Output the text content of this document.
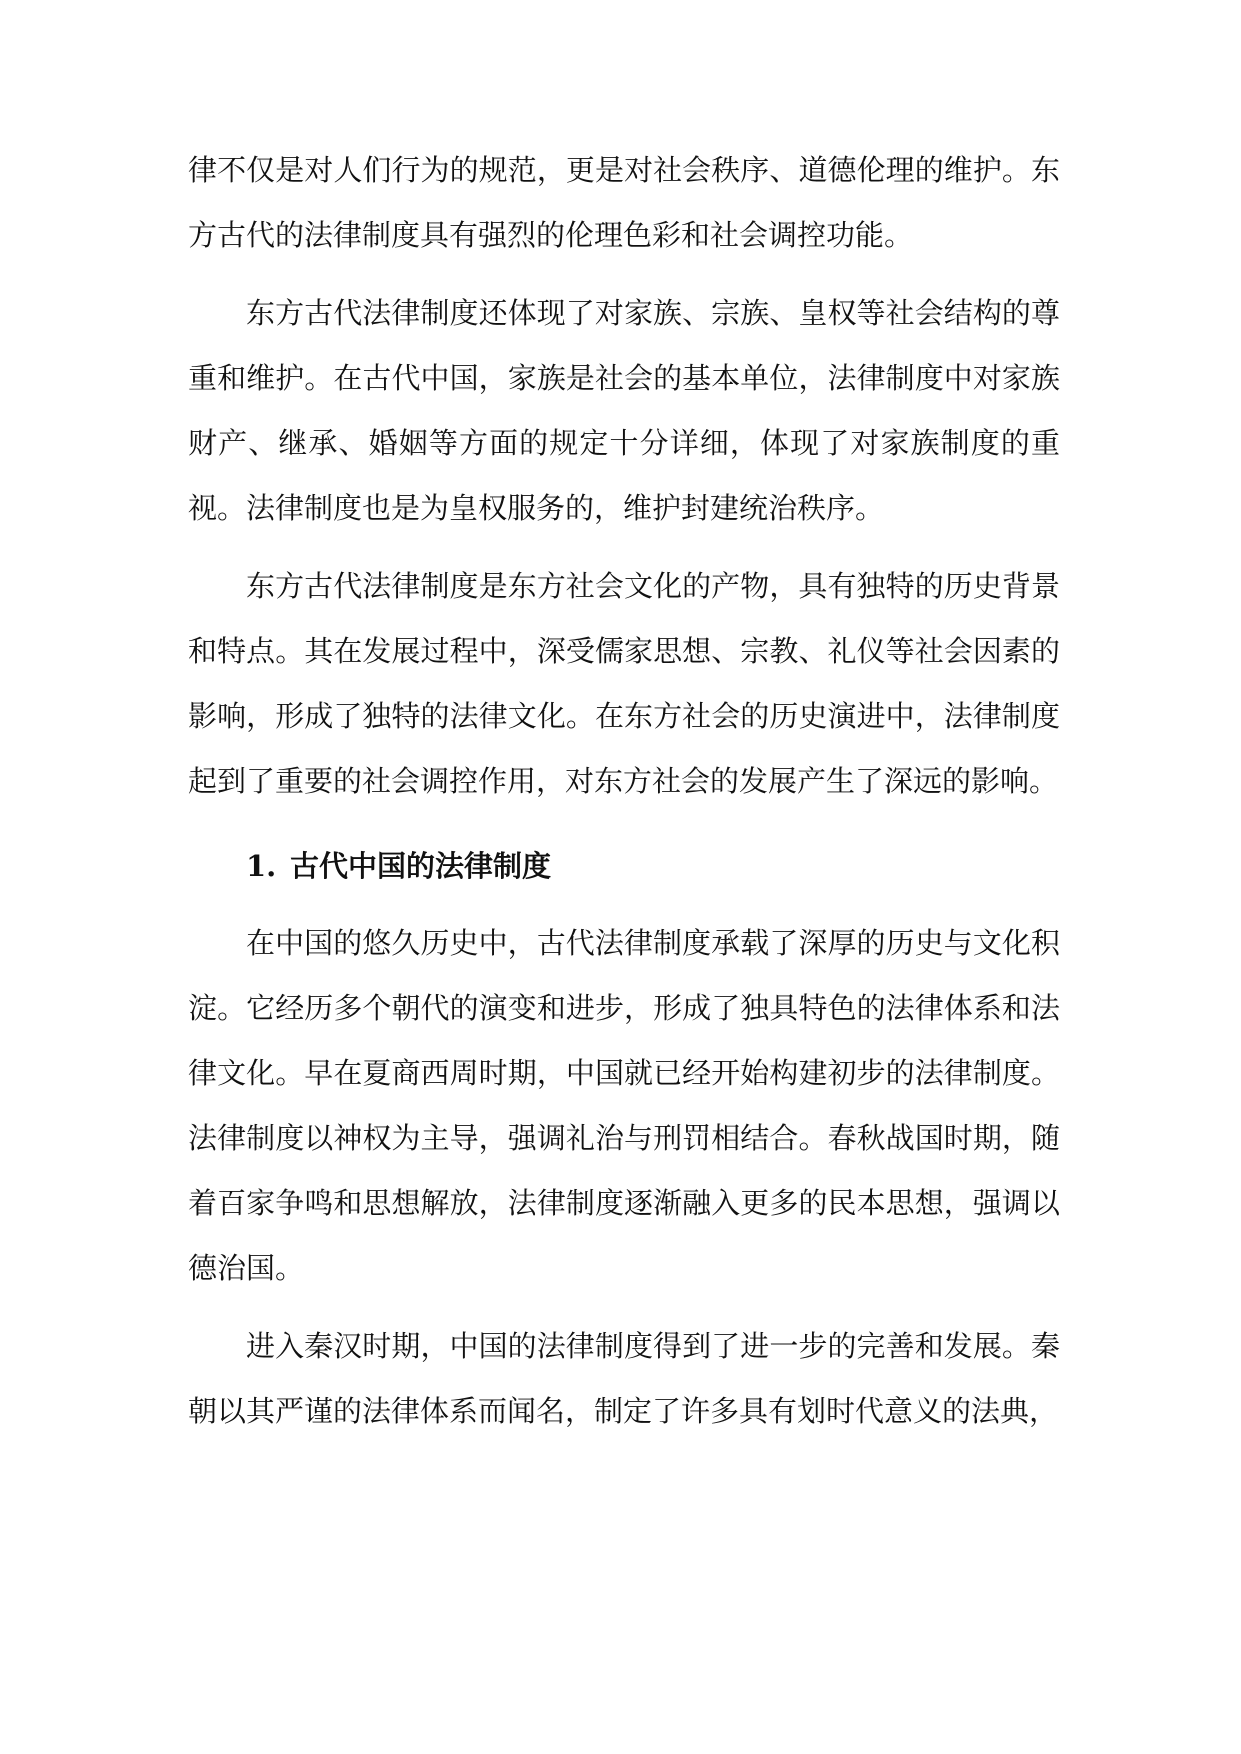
律不仅是对人们行为的规范，更是对社会秩序、道德伦理的维护。东方古代的法律制度具有强烈的伦理色彩和社会调控功能。

东方古代法律制度还体现了对家族、宗族、皇权等社会结构的尊重和维护。在古代中国，家族是社会的基本单位，法律制度中对家族财产、继承、婚姻等方面的规定十分详细，体现了对家族制度的重视。法律制度也是为皇权服务的，维护封建统治秩序。

东方古代法律制度是东方社会文化的产物，具有独特的历史背景和特点。其在发展过程中，深受儒家思想、宗教、礼仪等社会因素的影响，形成了独特的法律文化。在东方社会的历史演进中，法律制度起到了重要的社会调控作用，对东方社会的发展产生了深远的影响。

1. 古代中国的法律制度

在中国的悠久历史中，古代法律制度承载了深厚的历史与文化积淀。它经历多个朝代的演变和进步，形成了独具特色的法律体系和法律文化。早在夏商西周时期，中国就已经开始构建初步的法律制度。法律制度以神权为主导，强调礼治与刑罚相结合。春秋战国时期，随着百家争鸣和思想解放，法律制度逐渐融入更多的民本思想，强调以德治国。

进入秦汉时期，中国的法律制度得到了进一步的完善和发展。秦朝以其严谨的法律体系而闻名，制定了许多具有划时代意义的法典，
